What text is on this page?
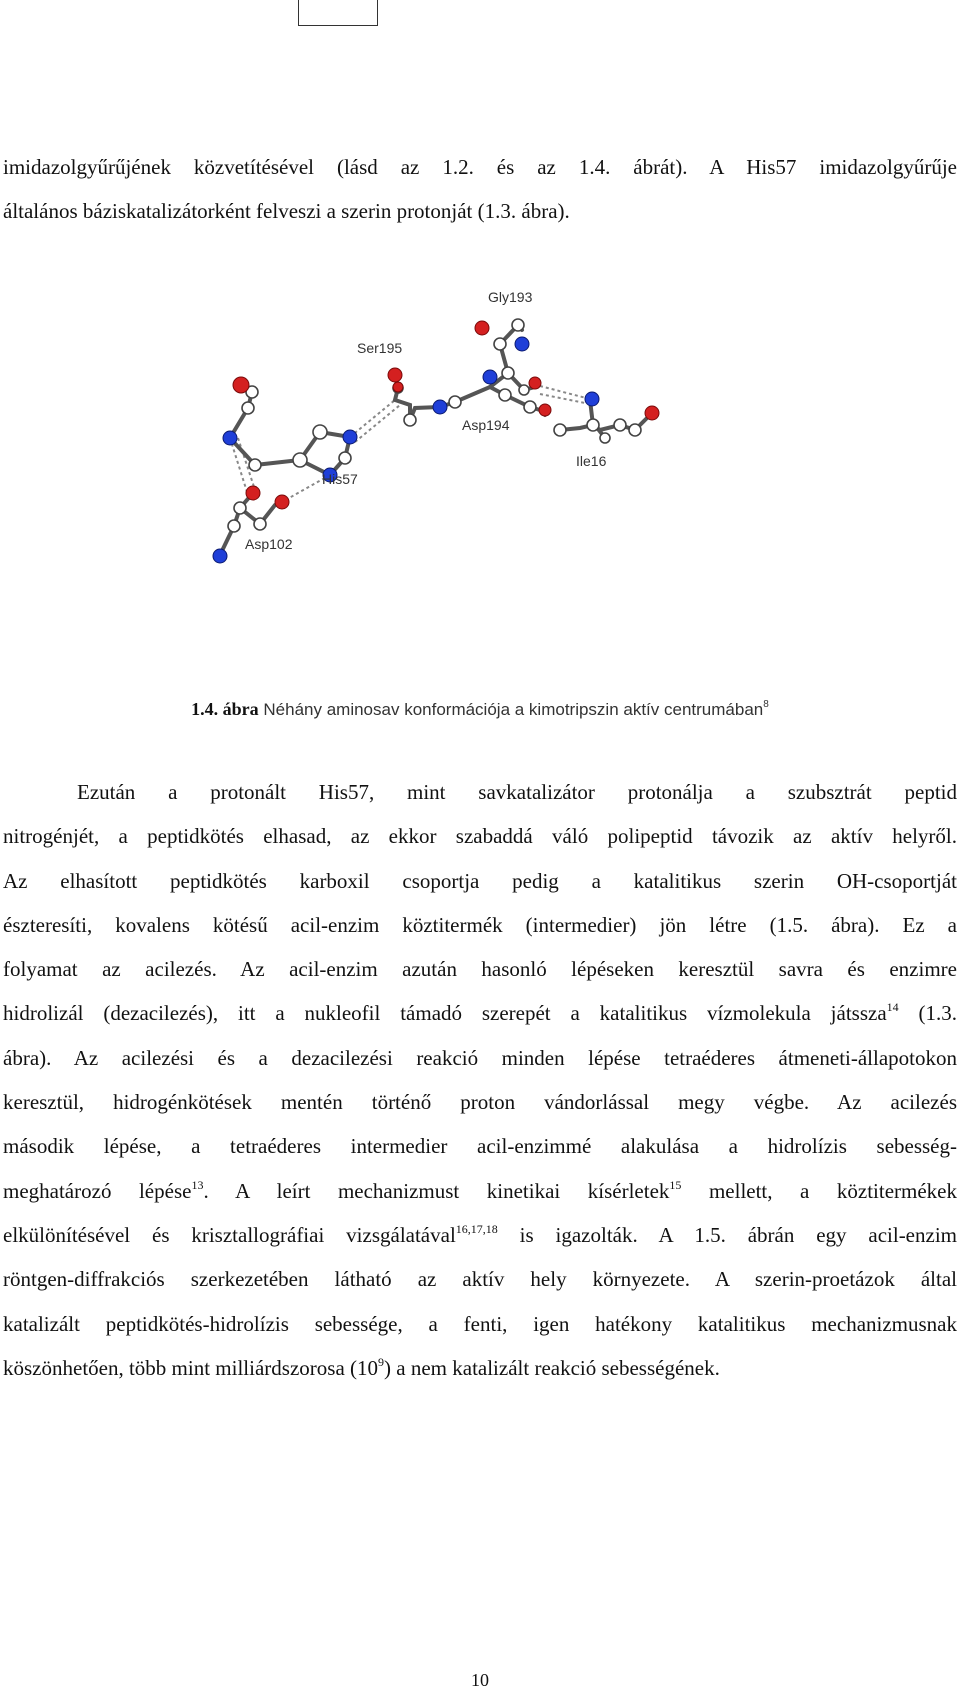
imidazolgyűrűjének közvetítésével (lásd az 1.2. és az 1.4. ábrát). A His57 imidazolgyűrűje
általános báziskatalizátorként felveszi a szerin protonját (1.3. ábra).
Gly193
Ser195
Asp194
Ile16
His57
Asp102
1.4. ábra Néhány aminosav konformációja a kimotripszin aktív centrumában$^8$
Ezután a protonált His57, mint savkatalizátor protonálja a szubsztrát peptid
nitrogénjét, a peptidkötés elhasad, az ekkor szabaddá váló polipeptid távozik az aktív helyről.
Az elhasított peptidkötés karboxil csoportja pedig a katalitikus szerin OH-csoportját
észteresíti, kovalens kötésű acil-enzim köztitermék (intermedier) jön létre (1.5. ábra). Ez a
folyamat az acilezés. Az acil-enzim azután hasonló lépéseken keresztül savra és enzimre
hidrolizál (dezacilezés), itt a nukleofil támadó szerepét a katalitikus vízmolekula játssza$^{14}$ (1.3.
ábra). Az acilezési és a dezacilezési reakció minden lépése tetraéderes átmeneti-állapotokon
keresztül, hidrogénkötések mentén történő proton vándorlással megy végbe. Az acilezés
második lépése, a tetraéderes intermedier acil-enzimmé alakulása a hidrolízis sebesség-
meghatározó lépése$^{13}$. A leírt mechanizmust kinetikai kísérletek$^{15}$ mellett, a köztitermékek
elkülönítésével és krisztallográfiai vizsgálatával$^{16,17,18}$ is igazolták. A 1.5. ábrán egy acil-enzim
röntgen-diffrakciós szerkezetében látható az aktív hely környezete. A szerin-proetázok által
katalizált peptidkötés-hidrolízis sebessége, a fenti, igen hatékony katalitikus mechanizmusnak
köszönhetően, több mint milliárdszorosa $(10^9)$ a nem katalizált reakció sebességének.
10
